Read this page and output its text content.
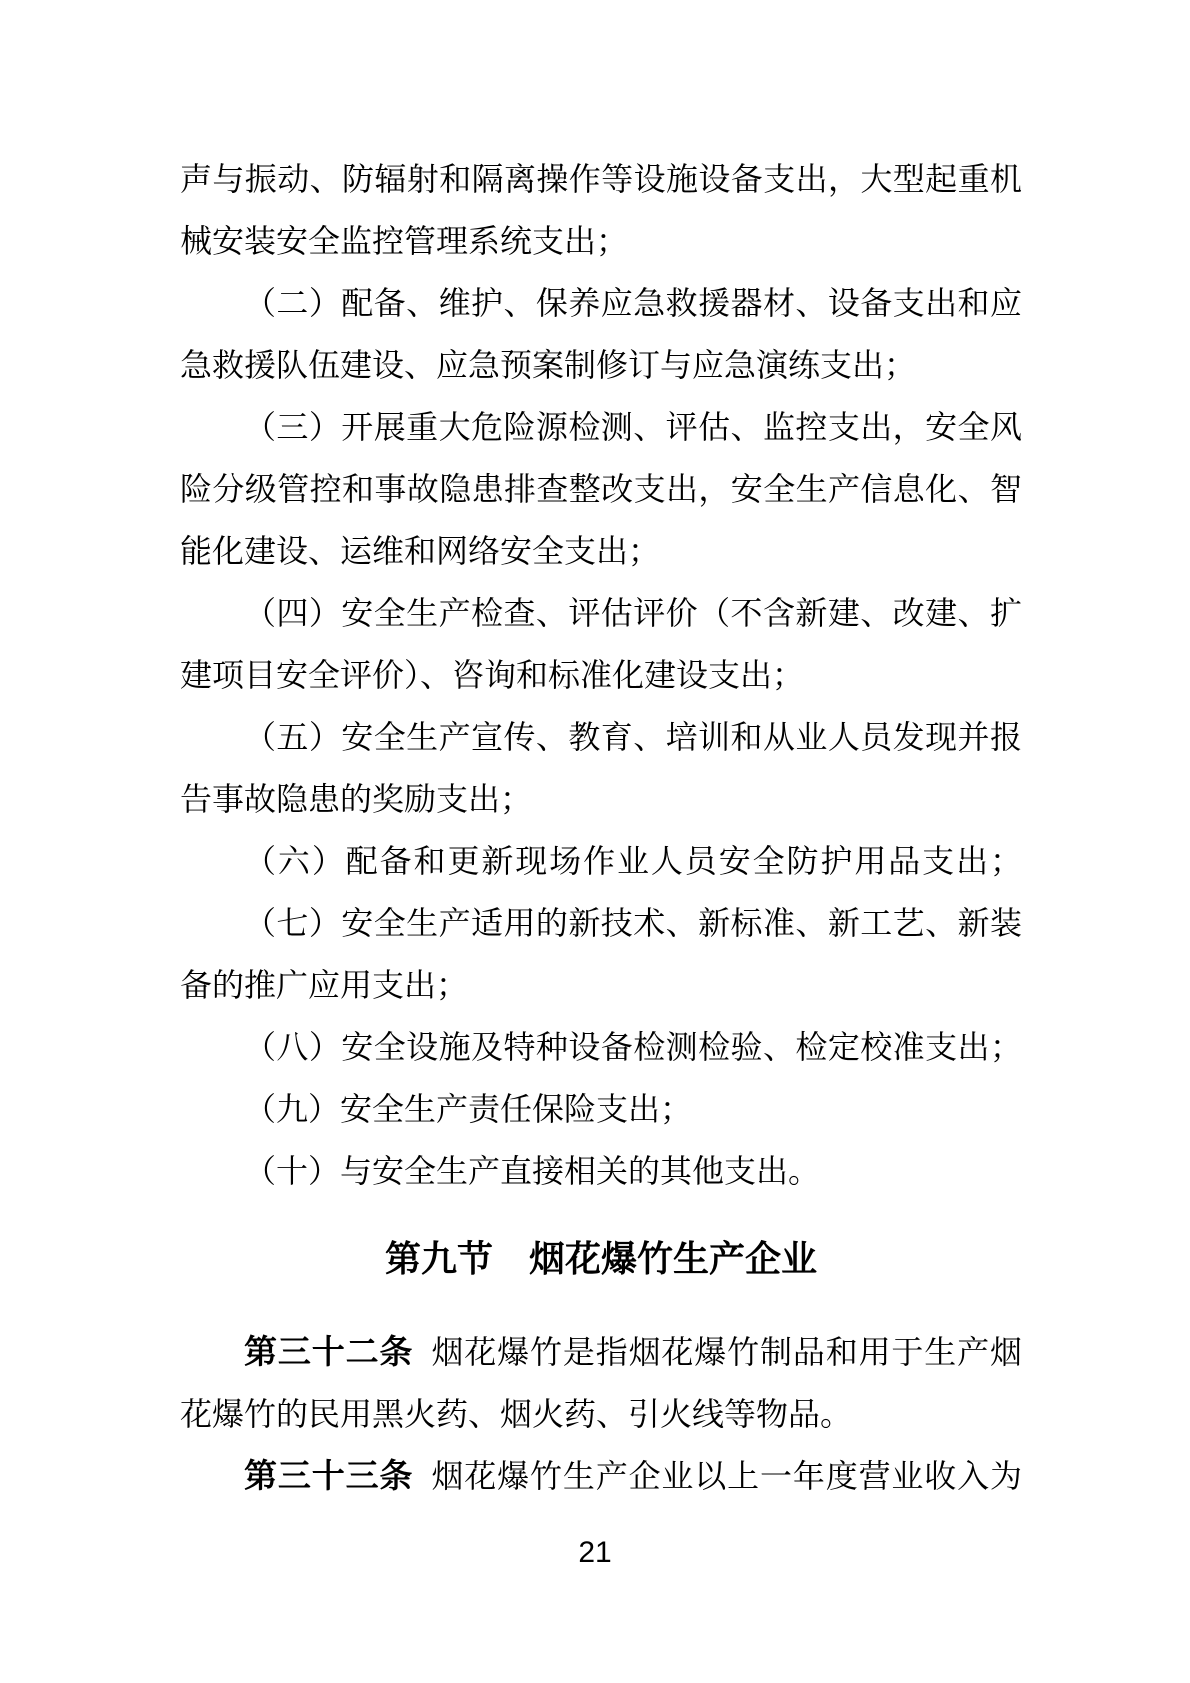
声与振动、防辐射和隔离操作等设施设备支出，大型起重机械安装安全监控管理系统支出；

（二）配备、维护、保养应急救援器材、设备支出和应急救援队伍建设、应急预案制修订与应急演练支出；

（三）开展重大危险源检测、评估、监控支出，安全风险分级管控和事故隐患排查整改支出，安全生产信息化、智能化建设、运维和网络安全支出；

（四）安全生产检查、评估评价（不含新建、改建、扩建项目安全评价）、咨询和标准化建设支出；

（五）安全生产宣传、教育、培训和从业人员发现并报告事故隐患的奖励支出；

（六）配备和更新现场作业人员安全防护用品支出；

（七）安全生产适用的新技术、新标准、新工艺、新装备的推广应用支出；

（八）安全设施及特种设备检测检验、检定校准支出；

（九）安全生产责任保险支出；

（十）与安全生产直接相关的其他支出。

第九节　烟花爆竹生产企业

第三十二条 烟花爆竹是指烟花爆竹制品和用于生产烟花爆竹的民用黑火药、烟火药、引火线等物品。

第三十三条 烟花爆竹生产企业以上一年度营业收入为

21
